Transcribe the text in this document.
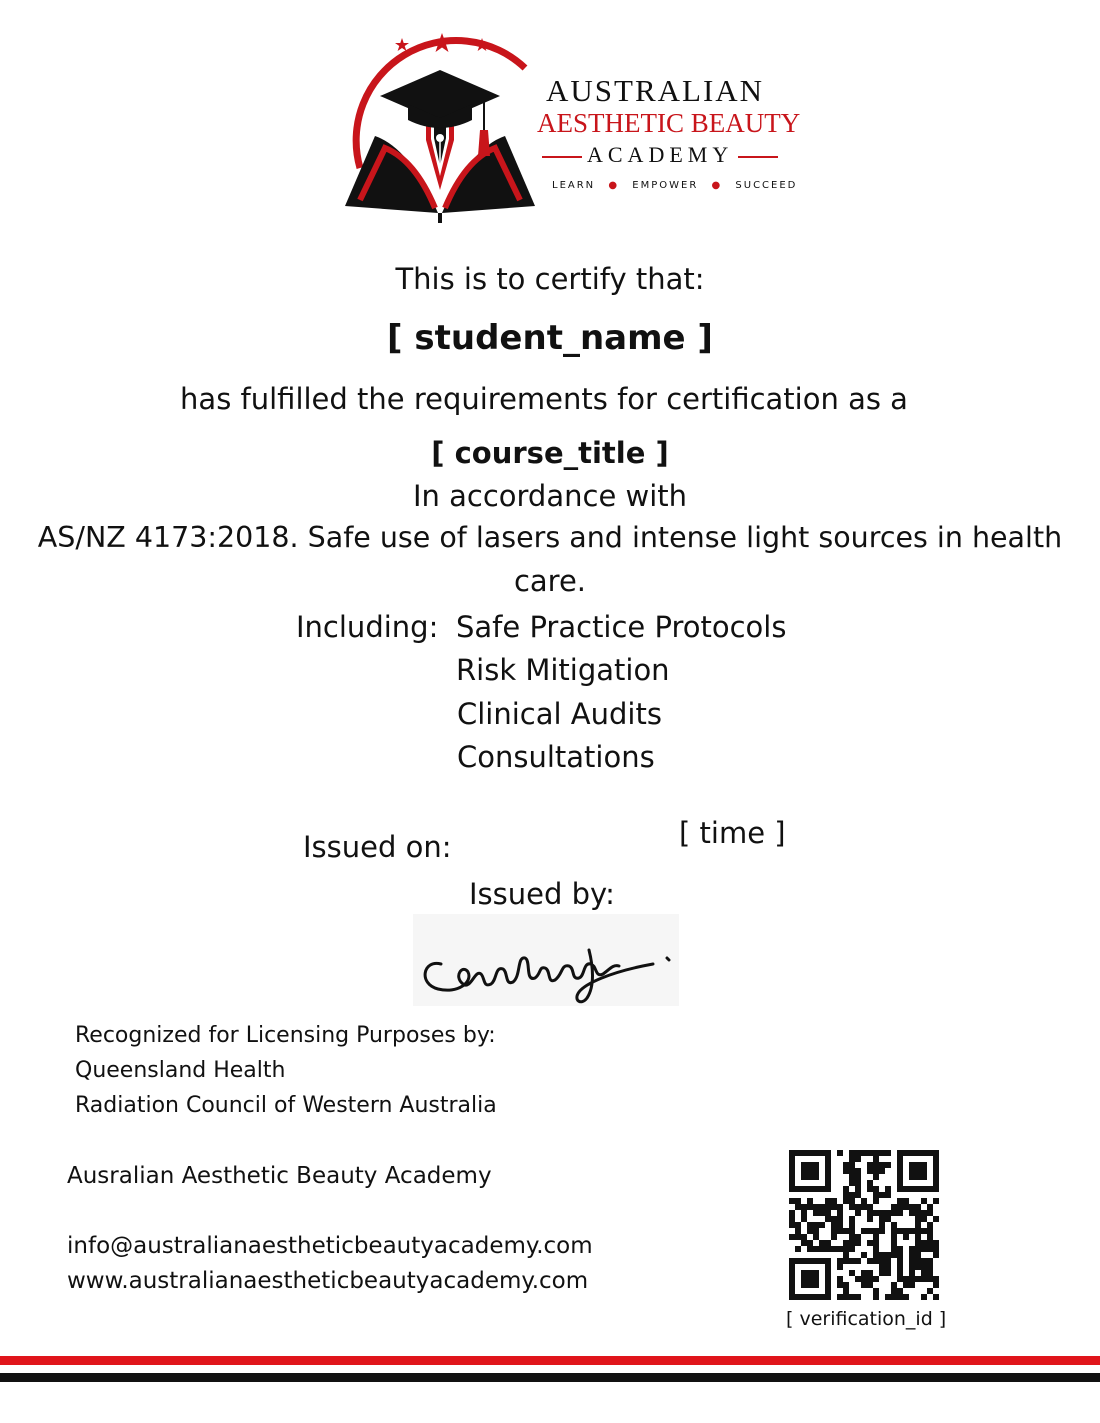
AUSTRALIAN
AESTHETIC BEAUTY
ACADEMY
LEARN ● EMPOWER ● SUCCEED
This is to certify that:
[ student_name ]
has fulfilled the requirements for certification as a
[ course_title ]
In accordance with
AS/NZ 4173:2018. Safe use of lasers and intense light sources in health
care.
Including: Safe Practice Protocols
Risk Mitigation
Clinical Audits
Consultations
Issued on:	[ time ]
Issued by:
Recognized for Licensing Purposes by:
Queensland Health
Radiation Council of Western Australia
Ausralian Aesthetic Beauty Academy
info@australianaestheticbeautyacademy.com
www.australianaestheticbeautyacademy.com
[ verification_id ]
